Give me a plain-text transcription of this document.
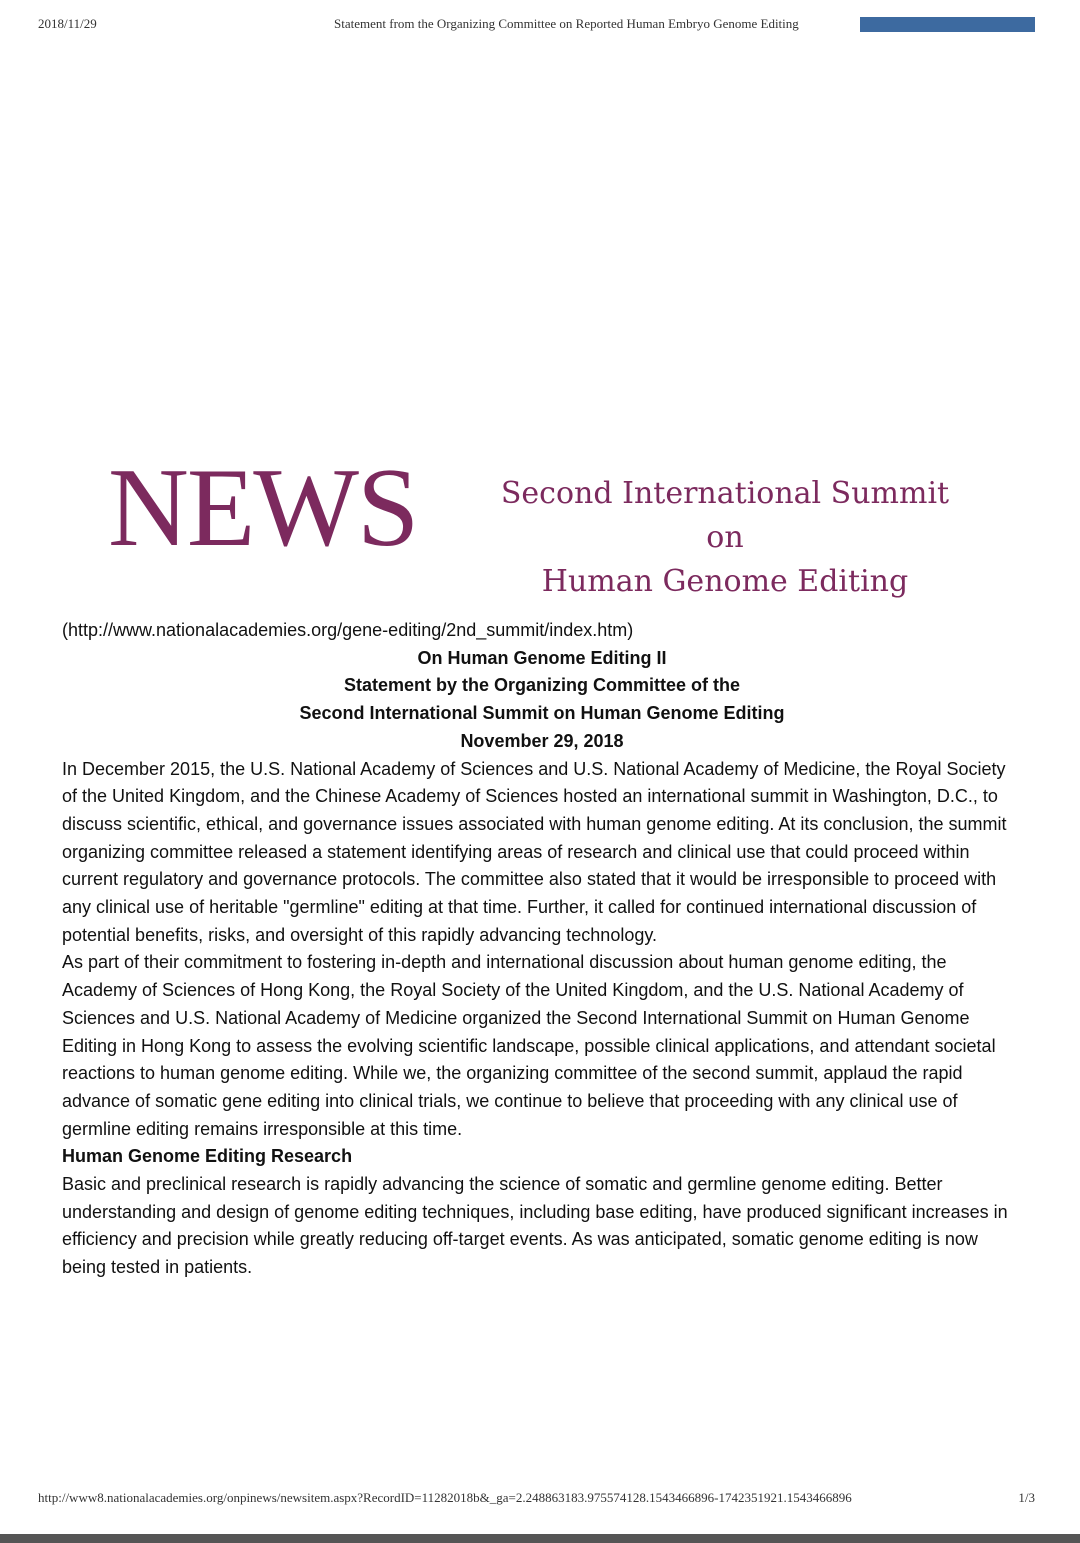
2018/11/29	Statement from the Organizing Committee on Reported Human Embryo Genome Editing
NEWS	Second International Summit on
Human Genome Editing

(http://www.nationalacademies.org/gene-editing/2nd_summit/index.htm)

On Human Genome Editing II

Statement by the Organizing Committee of the

Second International Summit on Human Genome Editing

November 29, 2018

In December 2015, the U.S. National Academy of Sciences and U.S. National Academy of Medicine, the Royal Society of the United Kingdom, and the Chinese Academy of Sciences hosted an international summit in Washington, D.C., to discuss scientific, ethical, and governance issues associated with human genome editing. At its conclusion, the summit organizing committee released a statement identifying areas of research and clinical use that could proceed within current regulatory and governance protocols. The committee also stated that it would be irresponsible to proceed with any clinical use of heritable "germline" editing at that time. Further, it called for continued international discussion of potential benefits, risks, and oversight of this rapidly advancing technology.

As part of their commitment to fostering in-depth and international discussion about human genome editing, the Academy of Sciences of Hong Kong, the Royal Society of the United Kingdom, and the U.S. National Academy of Sciences and U.S. National Academy of Medicine organized the Second International Summit on Human Genome Editing in Hong Kong to assess the evolving scientific landscape, possible clinical applications, and attendant societal reactions to human genome editing. While we, the organizing committee of the second summit, applaud the rapid advance of somatic gene editing into clinical trials, we continue to believe that proceeding with any clinical use of germline editing remains irresponsible at this time.

Human Genome Editing Research

Basic and preclinical research is rapidly advancing the science of somatic and germline genome editing. Better understanding and design of genome editing techniques, including base editing, have produced significant increases in efficiency and precision while greatly reducing off-target events. As was anticipated, somatic genome editing is now being tested in patients.

http://www8.nationalacademies.org/onpinews/newsitem.aspx?RecordID=11282018b&_ga=2.248863183.975574128.1543466896-1742351921.1543466896	1/3
